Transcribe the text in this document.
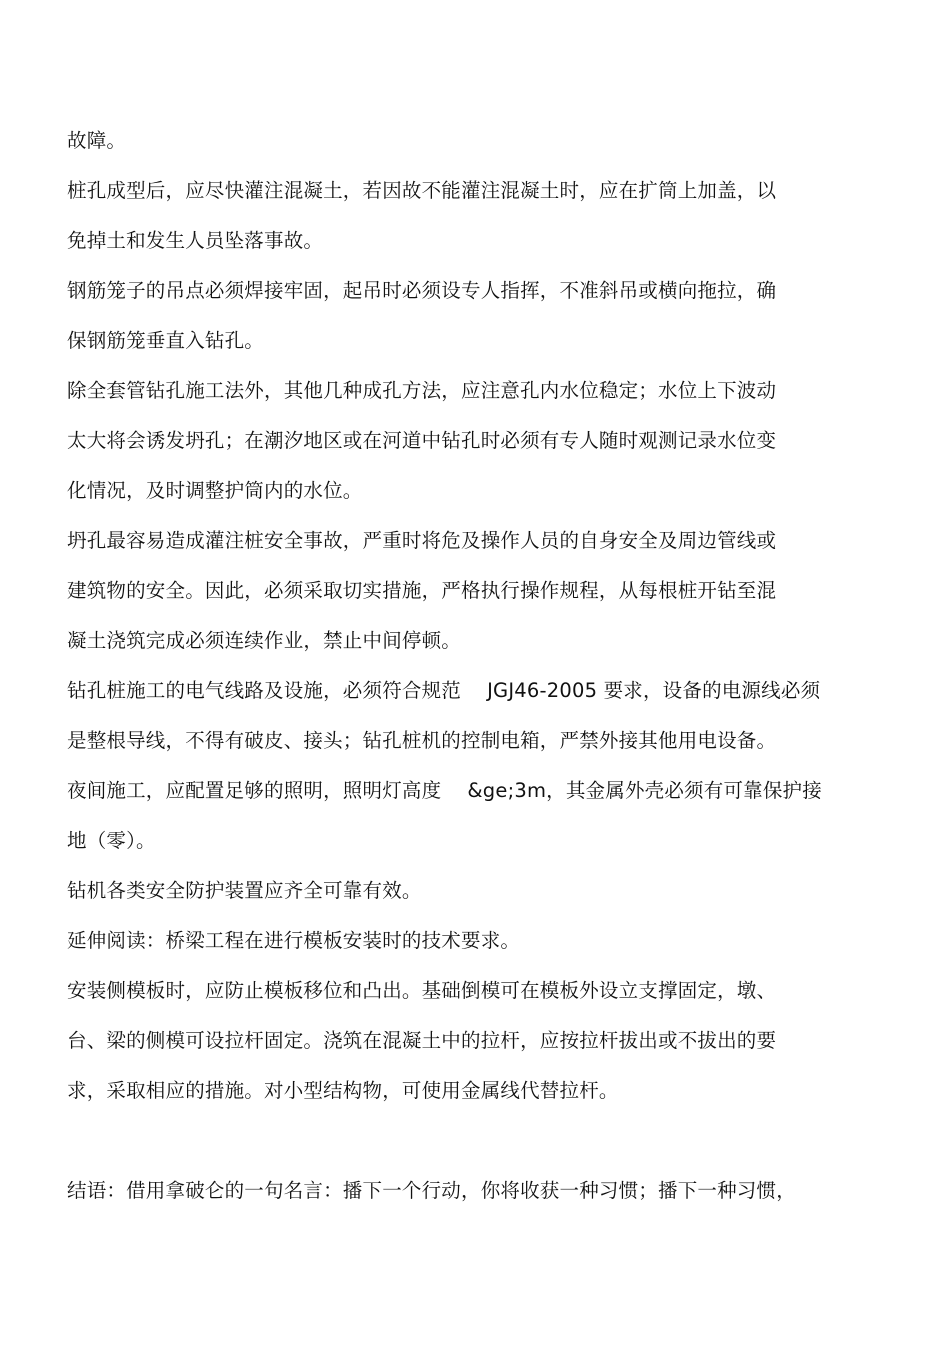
故障。
桩孔成型后，应尽快灌注混凝土，若因故不能灌注混凝土时，应在扩筒上加盖，以
免掉土和发生人员坠落事故。
钢筋笼子的吊点必须焊接牢固，起吊时必须设专人指挥，不准斜吊或横向拖拉，确
保钢筋笼垂直入钻孔。
除全套管钻孔施工法外，其他几种成孔方法，应注意孔内水位稳定；水位上下波动
太大将会诱发坍孔；在潮汐地区或在河道中钻孔时必须有专人随时观测记录水位变
化情况，及时调整护筒内的水位。
坍孔最容易造成灌注桩安全事故，严重时将危及操作人员的自身安全及周边管线或
建筑物的安全。因此，必须采取切实措施，严格执行操作规程，从每根桩开钻至混
凝土浇筑完成必须连续作业，禁止中间停顿。
钻孔桩施工的电气线路及设施，必须符合规范　 JGJ46-2005 要求，设备的电源线必须
是整根导线，不得有破皮、接头；钻孔桩机的控制电箱，严禁外接其他用电设备。
夜间施工，应配置足够的照明，照明灯高度　 &ge;3m，其金属外壳必须有可靠保护接
地（零）。
钻机各类安全防护装置应齐全可靠有效。
延伸阅读：桥梁工程在进行模板安装时的技术要求。
安装侧模板时，应防止模板移位和凸出。基础倒模可在模板外设立支撑固定，墩、
台、梁的侧模可设拉杆固定。浇筑在混凝土中的拉杆，应按拉杆拔出或不拔出的要
求，采取相应的措施。对小型结构物，可使用金属线代替拉杆。
结语：借用拿破仑的一句名言：播下一个行动，你将收获一种习惯；播下一种习惯，
